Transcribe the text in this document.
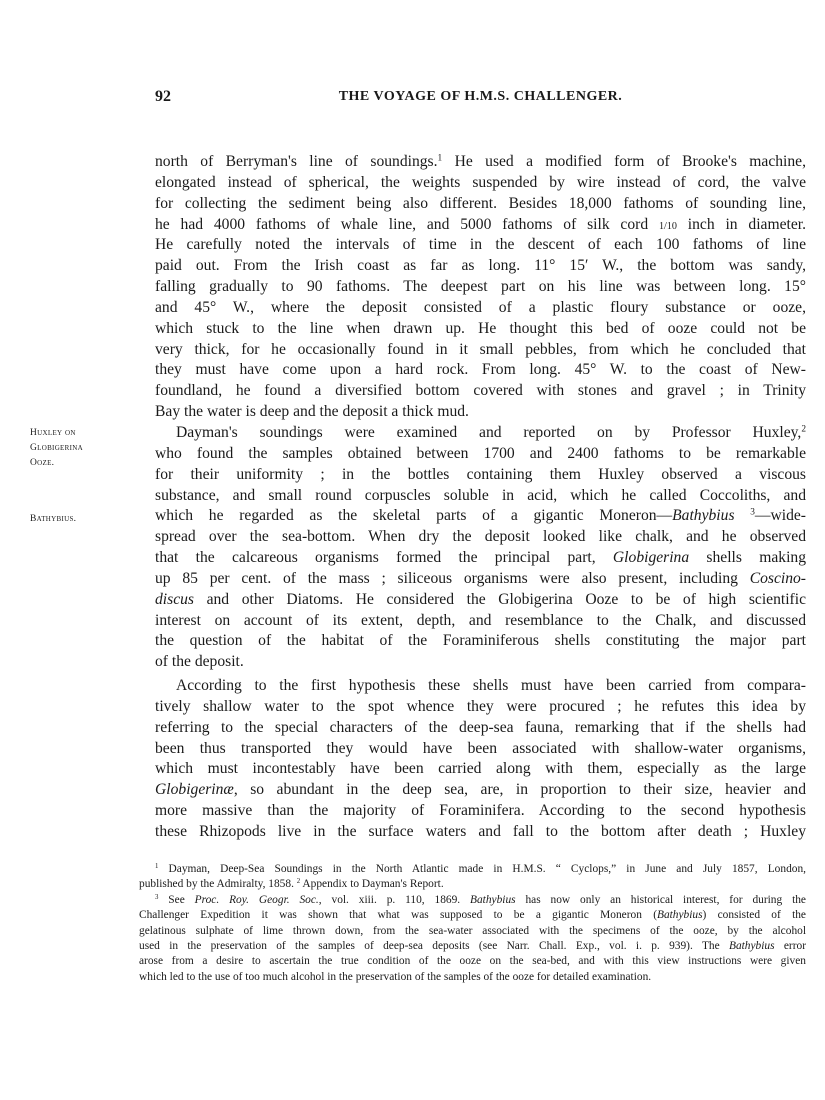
92	THE VOYAGE OF H.M.S. CHALLENGER.
Huxley on
Globigerina
Ooze.
Bathybius.
north of Berryman's line of soundings.$^1$ He used a modified form of Brooke's machine,
elongated instead of spherical, the weights suspended by wire instead of cord, the valve
for collecting the sediment being also different. Besides 18,000 fathoms of sounding line,
he had 4000 fathoms of whale line, and 5000 fathoms of silk cord 1/10 inch in diameter.
He carefully noted the intervals of time in the descent of each 100 fathoms of line
paid out. From the Irish coast as far as long. 11° 15′ W., the bottom was sandy,
falling gradually to 90 fathoms. The deepest part on his line was between long. 15°
and 45° W., where the deposit consisted of a plastic floury substance or ooze,
which stuck to the line when drawn up. He thought this bed of ooze could not be
very thick, for he occasionally found in it small pebbles, from which he concluded that
they must have come upon a hard rock. From long. 45° W. to the coast of New-
foundland, he found a diversified bottom covered with stones and gravel ; in Trinity
Bay the water is deep and the deposit a thick mud.
Dayman's soundings were examined and reported on by Professor Huxley,$^2$
who found the samples obtained between 1700 and 2400 fathoms to be remarkable
for their uniformity ; in the bottles containing them Huxley observed a viscous
substance, and small round corpuscles soluble in acid, which he called Coccoliths, and
which he regarded as the skeletal parts of a gigantic Moneron—Bathybius $^3$—wide-
spread over the sea-bottom. When dry the deposit looked like chalk, and he observed
that the calcareous organisms formed the principal part, Globigerina shells making
up 85 per cent. of the mass ; siliceous organisms were also present, including Coscino-
discus and other Diatoms. He considered the Globigerina Ooze to be of high scientific
interest on account of its extent, depth, and resemblance to the Chalk, and discussed
the question of the habitat of the Foraminiferous shells constituting the major part
of the deposit.
According to the first hypothesis these shells must have been carried from compara-
tively shallow water to the spot whence they were procured ; he refutes this idea by
referring to the special characters of the deep-sea fauna, remarking that if the shells had
been thus transported they would have been associated with shallow-water organisms,
which must incontestably have been carried along with them, especially as the large
Globigerinæ, so abundant in the deep sea, are, in proportion to their size, heavier and
more massive than the majority of Foraminifera. According to the second hypothesis
these Rhizopods live in the surface waters and fall to the bottom after death ; Huxley
$^1$ Dayman, Deep-Sea Soundings in the North Atlantic made in H.M.S. “ Cyclops,” in June and July 1857, London,
published by the Admiralty, 1858. $^2$ Appendix to Dayman's Report.
$^3$ See Proc. Roy. Geogr. Soc., vol. xiii. p. 110, 1869. Bathybius has now only an historical interest, for during the
Challenger Expedition it was shown that what was supposed to be a gigantic Moneron (Bathybius) consisted of the
gelatinous sulphate of lime thrown down, from the sea-water associated with the specimens of the ooze, by the alcohol
used in the preservation of the samples of deep-sea deposits (see Narr. Chall. Exp., vol. i. p. 939). The Bathybius error
arose from a desire to ascertain the true condition of the ooze on the sea-bed, and with this view instructions were given
which led to the use of too much alcohol in the preservation of the samples of the ooze for detailed examination.
